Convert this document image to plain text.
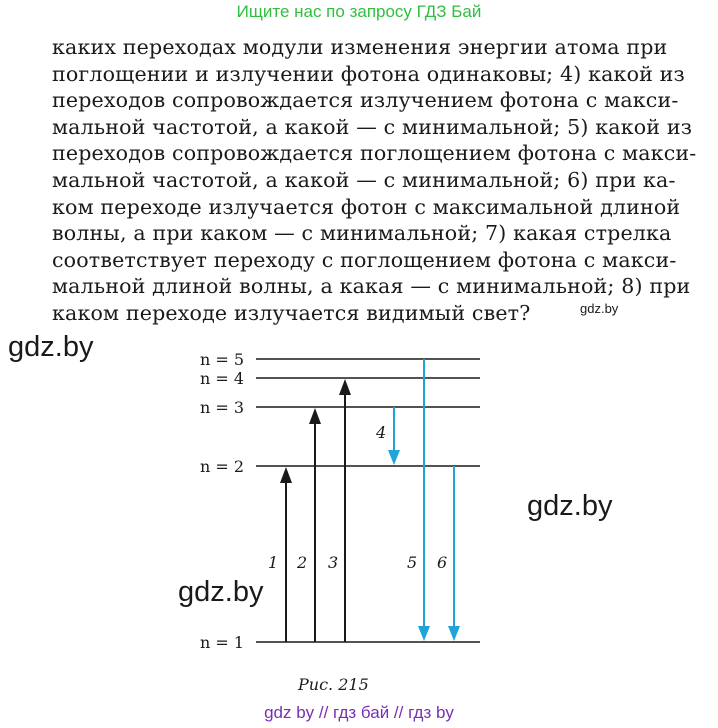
Ищите нас по запросу ГДЗ Бай
каких переходах модули изменения энергии атома при
поглощении и излучении фотона одинаковы; 4) какой из
переходов сопровождается излучением фотона с макси-
мальной частотой, а какой — с минимальной; 5) какой из
переходов сопровождается поглощением фотона с макси-
мальной частотой, а какой — с минимальной; 6) при ка-
ком переходе излучается фотон с максимальной длиной
волны, а при каком — с минимальной; 7) какая стрелка
соответствует переходу с поглощением фотона с макси-
мальной длиной волны, а какая — с минимальной; 8) при
каком переходе излучается видимый свет?	gdz.by
gdz.by
gdz.by
n = 5
n = 4
n = 3
n = 2
n = 1
1 2 3
4
5 6
gdz.by
Рис. 215
gdz by // гдз бай // гдз by
